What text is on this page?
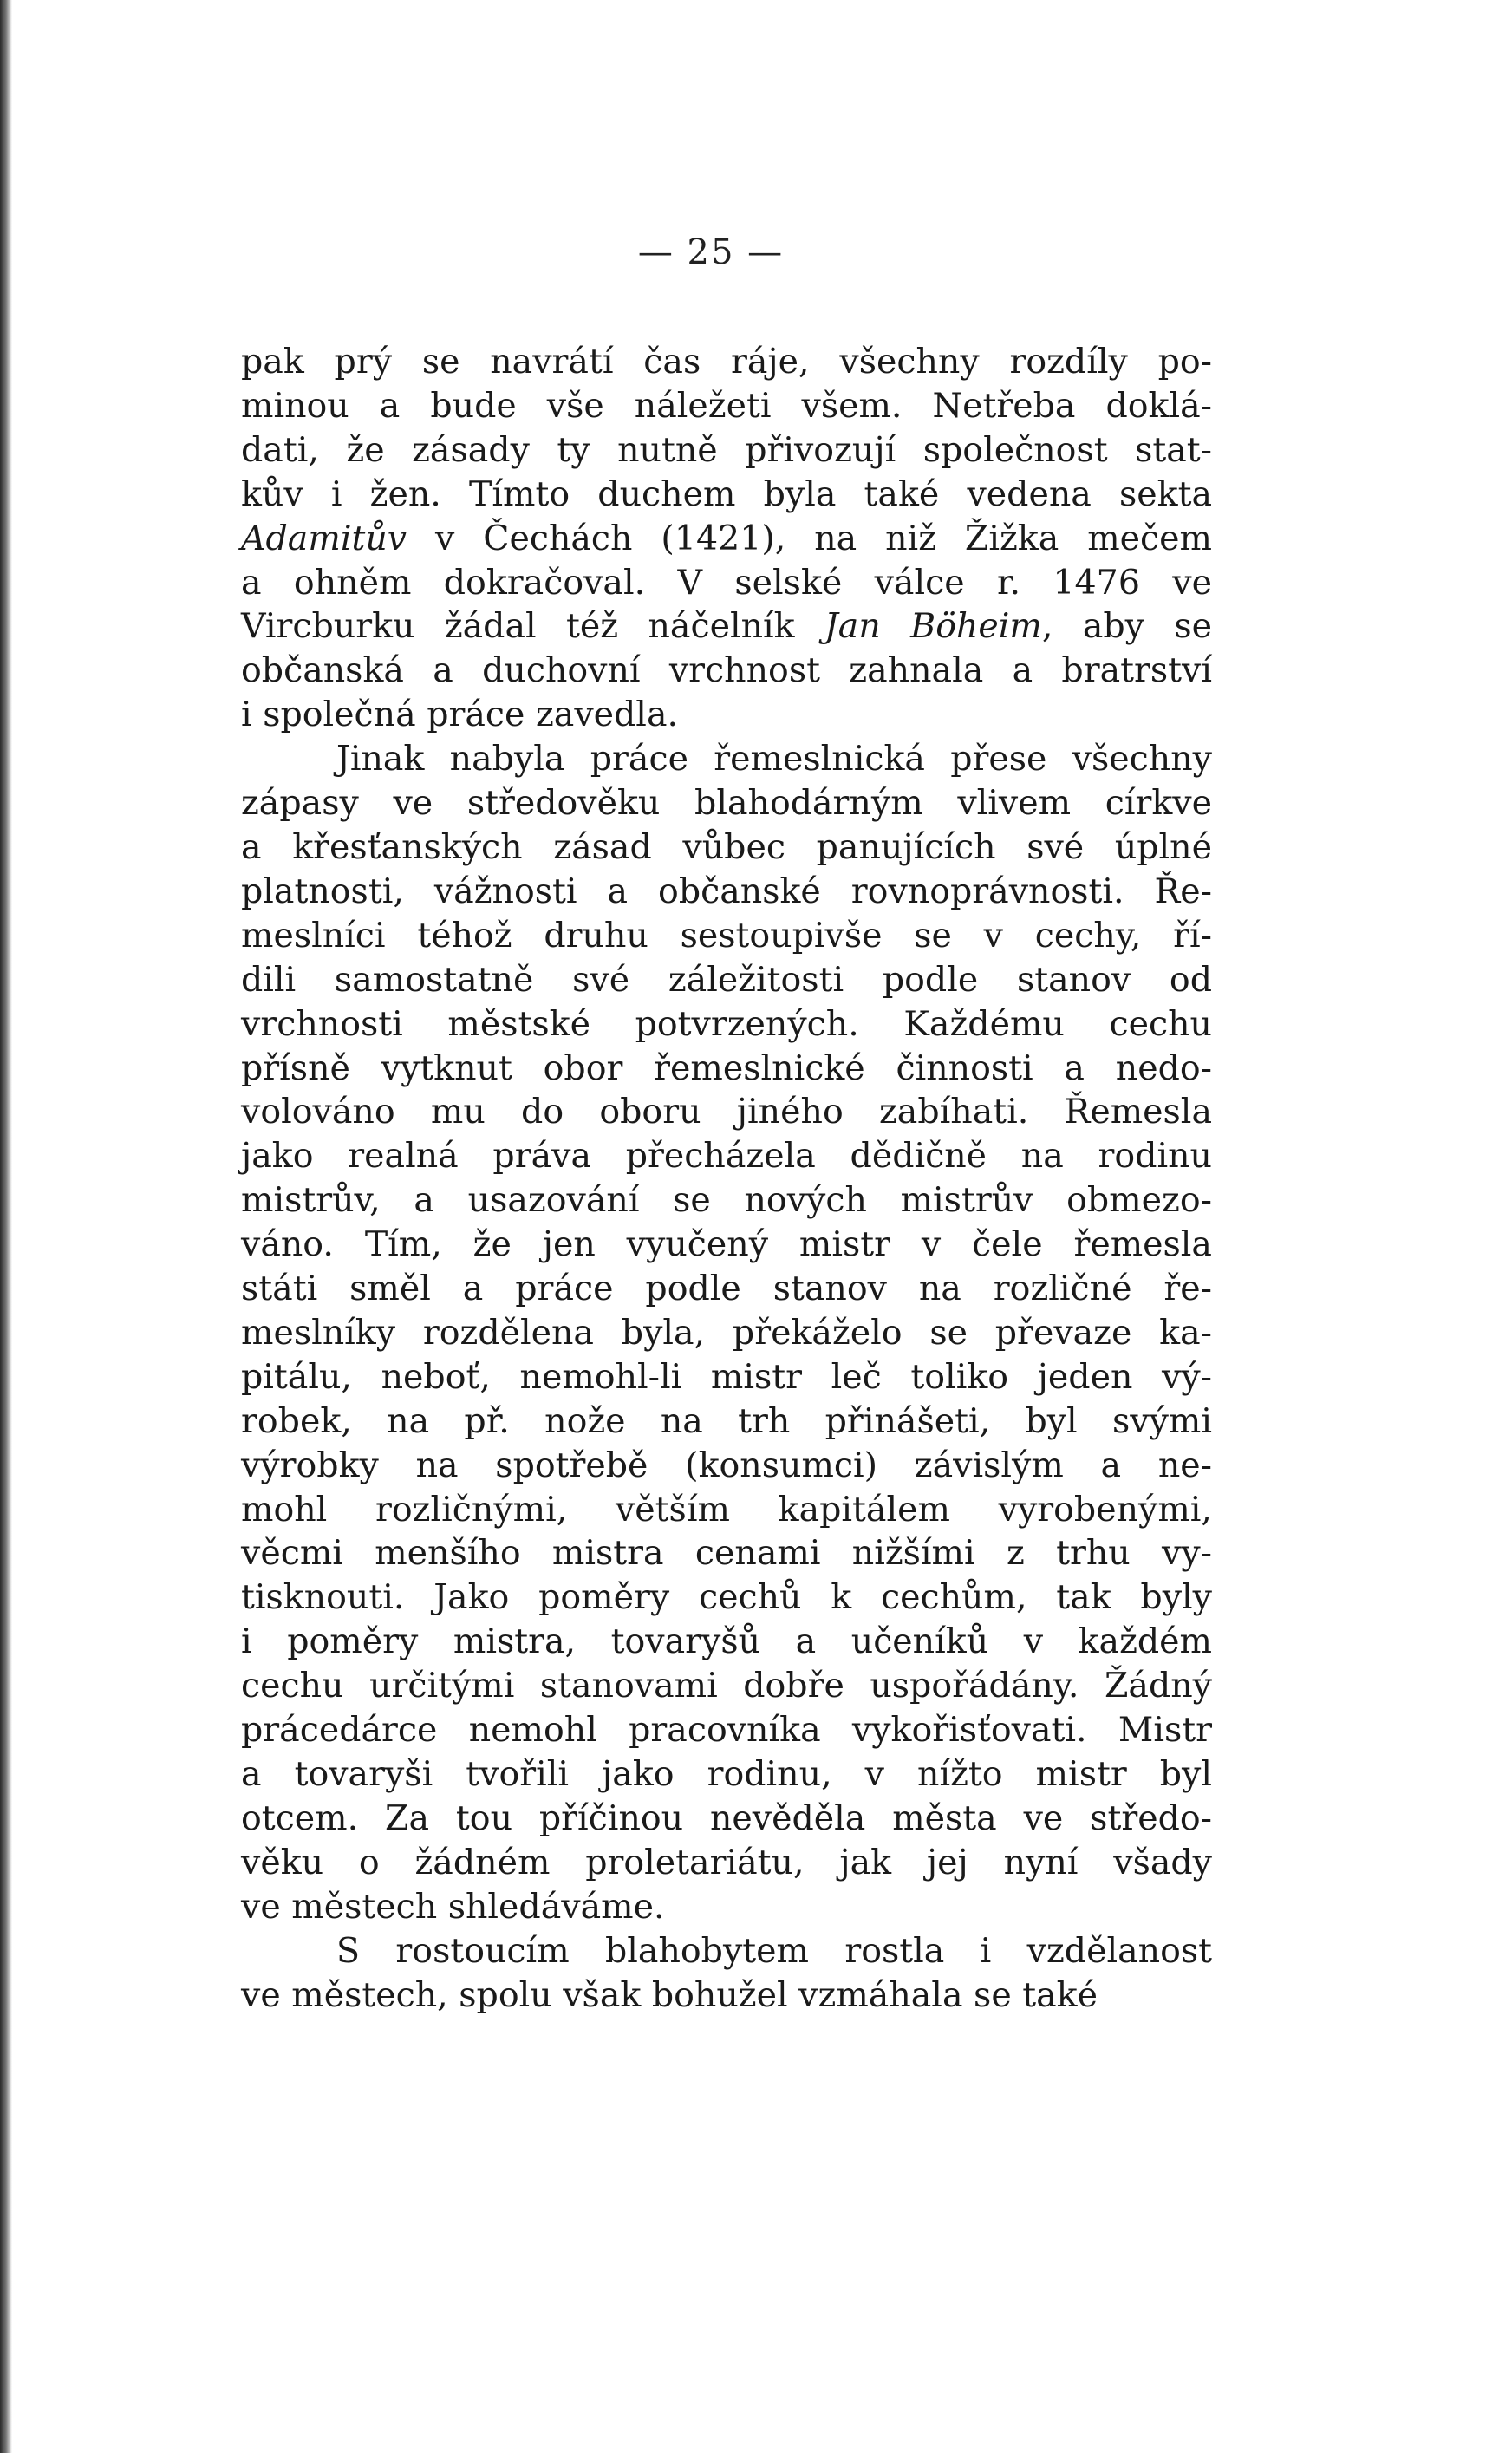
— 25 —
pak prý se navrátí čas ráje, všechny rozdíly po-
minou a bude vše náležeti všem. Netřeba doklá-
dati, že zásady ty nutně přivozují společnost stat-
kův i žen. Tímto duchem byla také vedena sekta
Adamitův v Čechách (1421), na niž Žižka mečem
a ohněm dokračoval. V selské válce r. 1476 ve
Vircburku žádal též náčelník Jan Böheim, aby se
občanská a duchovní vrchnost zahnala a bratrství
i společná práce zavedla.
Jinak nabyla práce řemeslnická přese všechny
zápasy ve středověku blahodárným vlivem církve
a křesťanských zásad vůbec panujících své úplné
platnosti, vážnosti a občanské rovnoprávnosti. Ře-
meslníci téhož druhu sestoupivše se v cechy, ří-
dili samostatně své záležitosti podle stanov od
vrchnosti městské potvrzených. Každému cechu
přísně vytknut obor řemeslnické činnosti a nedo-
volováno mu do oboru jiného zabíhati. Řemesla
jako realná práva přecházela dědičně na rodinu
mistrův, a usazování se nových mistrův obmezo-
váno. Tím, že jen vyučený mistr v čele řemesla
státi směl a práce podle stanov na rozličné ře-
meslníky rozdělena byla, překáželo se převaze ka-
pitálu, neboť, nemohl-li mistr leč toliko jeden vý-
robek, na př. nože na trh přinášeti, byl svými
výrobky na spotřebě (konsumci) závislým a ne-
mohl rozličnými, větším kapitálem vyrobenými,
věcmi menšího mistra cenami nižšími z trhu vy-
tisknouti. Jako poměry cechů k cechům, tak byly
i poměry mistra, tovaryšů a učeníků v každém
cechu určitými stanovami dobře uspořádány. Žádný
prácedárce nemohl pracovníka vykořisťovati. Mistr
a tovaryši tvořili jako rodinu, v nížto mistr byl
otcem. Za tou příčinou nevěděla města ve středo-
věku o žádném proletariátu, jak jej nyní všady
ve městech shledáváme.
S rostoucím blahobytem rostla i vzdělanost
ve městech, spolu však bohužel vzmáhala se také
